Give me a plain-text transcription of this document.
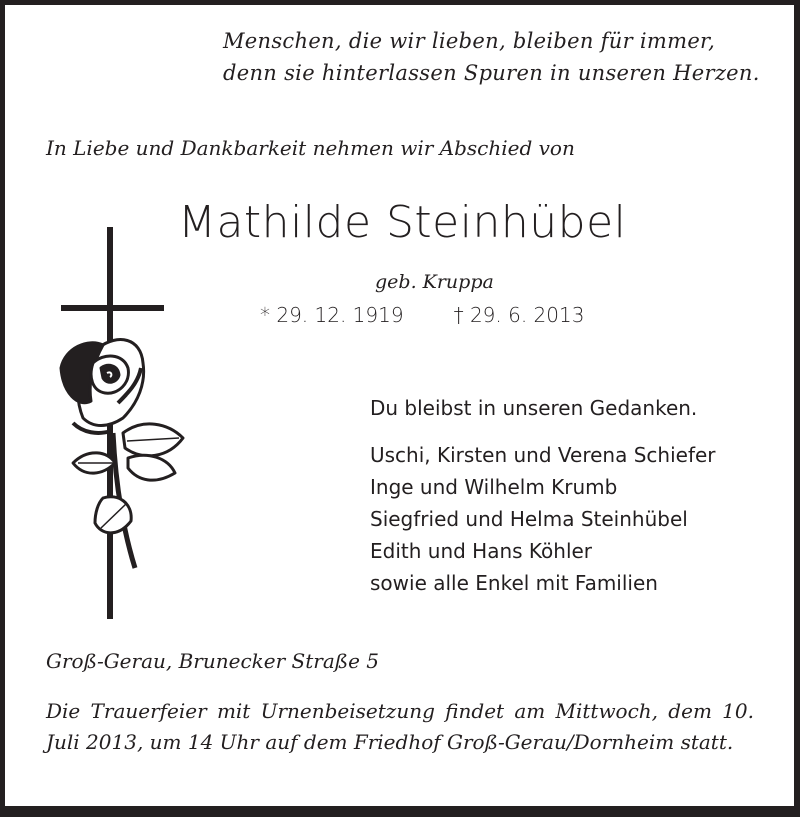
Menschen, die wir lieben, bleiben für immer,
denn sie hinterlassen Spuren in unseren Herzen.
In Liebe und Dankbarkeit nehmen wir Abschied von
Mathilde Steinhübel
geb. Kruppa
* 29. 12. 1919	† 29. 6. 2013
Du bleibst in unseren Gedanken.
Uschi, Kirsten und Verena Schiefer
Inge und Wilhelm Krumb
Siegfried und Helma Steinhübel
Edith und Hans Köhler
sowie alle Enkel mit Familien
Groß-Gerau, Brunecker Straße 5
Die Trauerfeier mit Urnenbeisetzung findet am Mittwoch, dem 10. Juli 2013, um 14 Uhr auf dem Friedhof Groß-Gerau/Dornheim statt.
